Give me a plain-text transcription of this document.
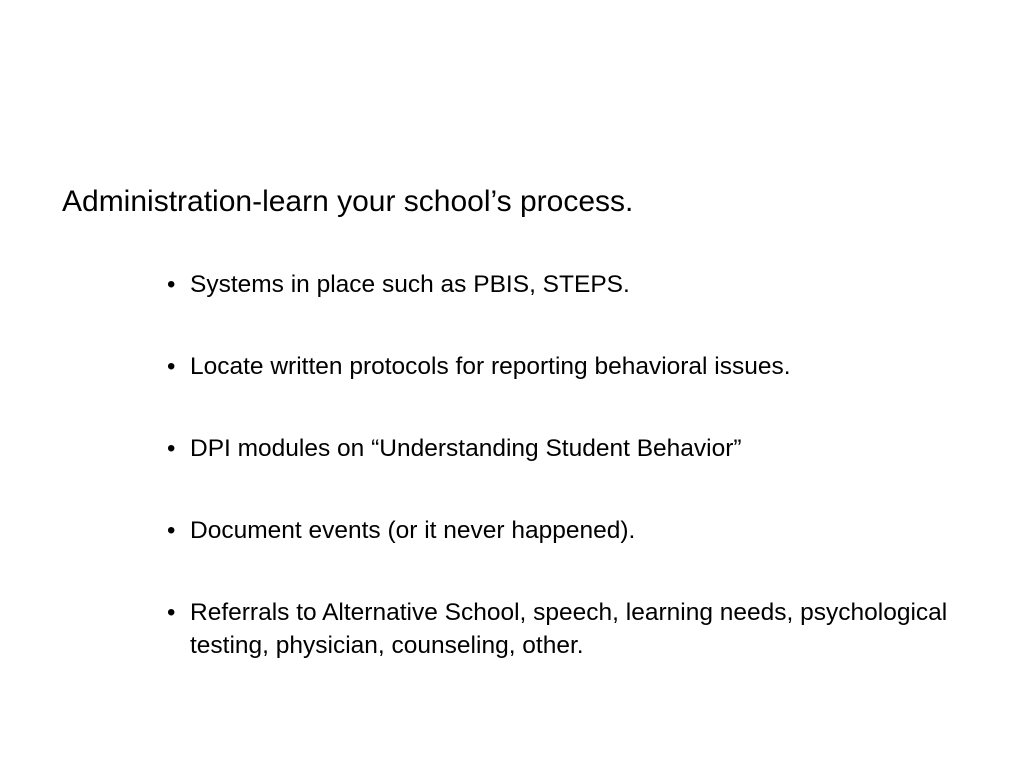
Administration-learn your school’s process.
• Systems in place such as PBIS, STEPS.
• Locate written protocols for reporting behavioral issues.
• DPI modules on “Understanding Student Behavior”
• Document events (or it never happened).
• Referrals to Alternative School, speech, learning needs, psychological testing, physician, counseling, other.
